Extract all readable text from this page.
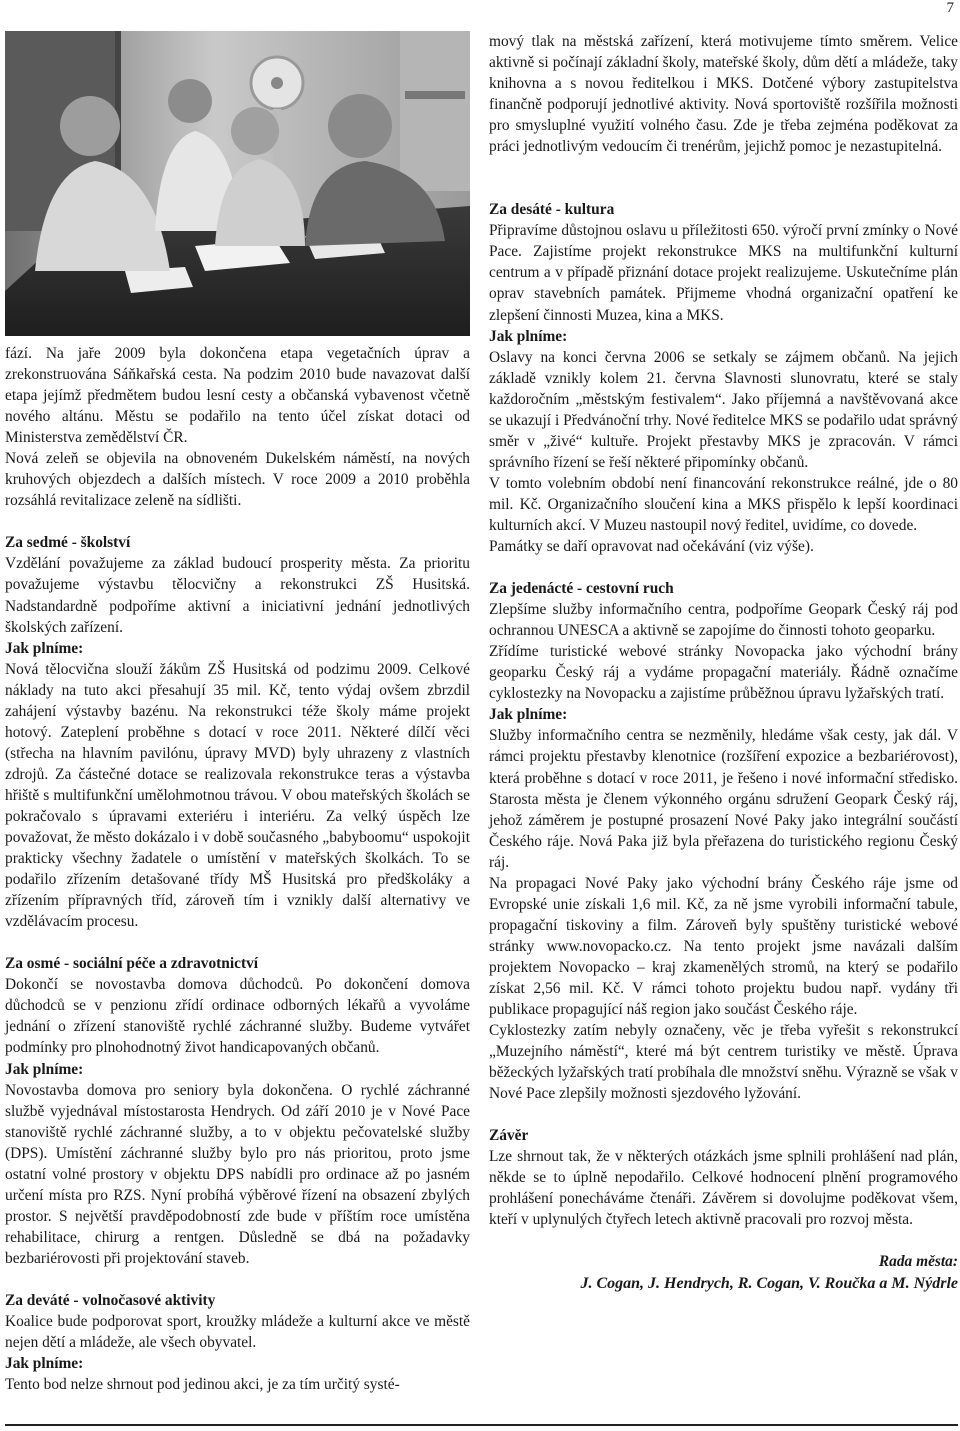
7

fází. Na jaře 2009 byla dokončena etapa vegetačních úprav a zrekonstruována Sáňkařská cesta. Na podzim 2010 bude navazovat další etapa jejímž předmětem budou lesní cesty a občanská vybavenost včetně nového altánu. Městu se podařilo na tento účel získat dotaci od Ministerstva zemědělství ČR.

Nová zeleň se objevila na obnoveném Dukelském náměstí, na nových kruhových objezdech a dalších místech. V roce 2009 a 2010 proběhla rozsáhlá revitalizace zeleně na sídlišti.

Za sedmé - školství

Vzdělání považujeme za základ budoucí prosperity města. Za prioritu považujeme výstavbu tělocvičny a rekonstrukci ZŠ Husitská. Nadstandardně podpoříme aktivní a iniciativní jednání jednotlivých školských zařízení.

Jak plníme:

Nová tělocvična slouží žákům ZŠ Husitská od podzimu 2009. Celkové náklady na tuto akci přesahují 35 mil. Kč, tento výdaj ovšem zbrzdil zahájení výstavby bazénu. Na rekonstrukci téže školy máme projekt hotový. Zateplení proběhne s dotací v roce 2011. Některé dílčí věci (střecha na hlavním pavilónu, úpravy MVD) byly uhrazeny z vlastních zdrojů. Za částečné dotace se realizovala rekonstrukce teras a výstavba hřiště s multifunkční umělohmotnou trávou. V obou mateřských školách se pokračovalo s úpravami exteriéru i interiéru. Za velký úspěch lze považovat, že město dokázalo i v době současného „babyboomu“ uspokojit prakticky všechny žadatele o umístění v mateřských školkách. To se podařilo zřízením detašované třídy MŠ Husitská pro předškoláky a zřízením přípravných tříd, zároveň tím i vznikly další alternativy ve vzdělávacím procesu.

Za osmé - sociální péče a zdravotnictví

Dokončí se novostavba domova důchodců. Po dokončení domova důchodců se v penzionu zřídí ordinace odborných lékařů a vyvoláme jednání o zřízení stanoviště rychlé záchranné služby. Budeme vytvářet podmínky pro plnohodnotný život handicapovaných občanů.

Jak plníme:

Novostavba domova pro seniory byla dokončena. O rychlé záchranné službě vyjednával místostarosta Hendrych. Od září 2010 je v Nové Pace stanoviště rychlé záchranné služby, a to v objektu pečovatelské služby (DPS). Umístění záchranné služby bylo pro nás prioritou, proto jsme ostatní volné prostory v objektu DPS nabídli pro ordinace až po jasném určení místa pro RZS. Nyní probíhá výběrové řízení na obsazení zbylých prostor. S největší pravděpodobností zde bude v příštím roce umístěna rehabilitace, chirurg a rentgen. Důsledně se dbá na požadavky bezbariérovosti při projektování staveb.

Za deváté - volnočasové aktivity

Koalice bude podporovat sport, kroužky mládeže a kulturní akce ve městě nejen dětí a mládeže, ale všech obyvatel.

Jak plníme:

Tento bod nelze shrnout pod jedinou akci, je za tím určitý systé-

mový tlak na městská zařízení, která motivujeme tímto směrem. Velice aktivně si počínají základní školy, mateřské školy, dům dětí a mládeže, taky knihovna a s novou ředitelkou i MKS. Dotčené výbory zastupitelstva finančně podporují jednotlivé aktivity. Nová sportoviště rozšířila možnosti pro smysluplné využití volného času. Zde je třeba zejména poděkovat za práci jednotlivým vedoucím či trenérům, jejichž pomoc je nezastupitelná.

Za desáté - kultura

Připravíme důstojnou oslavu u příležitosti 650. výročí první zmínky o Nové Pace. Zajistíme projekt rekonstrukce MKS na multifunkční kulturní centrum a v případě přiznání dotace projekt realizujeme. Uskutečníme plán oprav stavebních památek. Přijmeme vhodná organizační opatření ke zlepšení činnosti Muzea, kina a MKS.

Jak plníme:

Oslavy na konci června 2006 se setkaly se zájmem občanů. Na jejich základě vznikly kolem 21. června Slavnosti slunovratu, které se staly každoročním „městským festivalem“. Jako příjemná a navštěvovaná akce se ukazují i Předvánoční trhy. Nové ředitelce MKS se podařilo udat správný směr v „živé“ kultuře. Projekt přestavby MKS je zpracován. V rámci správního řízení se řeší některé připomínky občanů.

V tomto volebním období není financování rekonstrukce reálné, jde o 80 mil. Kč. Organizačního sloučení kina a MKS přispělo k lepší koordinaci kulturních akcí. V Muzeu nastoupil nový ředitel, uvidíme, co dovede.

Památky se daří opravovat nad očekávání (viz výše).

Za jedenácté - cestovní ruch

Zlepšíme služby informačního centra, podpoříme Geopark Český ráj pod ochrannou UNESCA a aktivně se zapojíme do činnosti tohoto geoparku.

Zřídíme turistické webové stránky Novopacka jako východní brány geoparku Český ráj a vydáme propagační materiály. Řádně označíme cyklostezky na Novopacku a zajistíme průběžnou úpravu lyžařských tratí.

Jak plníme:

Služby informačního centra se nezměnily, hledáme však cesty, jak dál. V rámci projektu přestavby klenotnice (rozšíření expozice a bezbariérovost), která proběhne s dotací v roce 2011, je řešeno i nové informační středisko. Starosta města je členem výkonného orgánu sdružení Geopark Český ráj, jehož záměrem je postupné prosazení Nové Paky jako integrální součástí Českého ráje. Nová Paka již byla přeřazena do turistického regionu Český ráj.

Na propagaci Nové Paky jako východní brány Českého ráje jsme od Evropské unie získali 1,6 mil. Kč, za ně jsme vyrobili informační tabule, propagační tiskoviny a film. Zároveň byly spuštěny turistické webové stránky www.novopacko.cz. Na tento projekt jsme navázali dalším projektem Novopacko – kraj zkamenělých stromů, na který se podařilo získat 2,56 mil. Kč. V rámci tohoto projektu budou např. vydány tři publikace propagující náš region jako součást Českého ráje.

Cyklostezky zatím nebyly označeny, věc je třeba vyřešit s rekonstrukcí „Muzejního náměstí“, které má být centrem turistiky ve městě. Úprava běžeckých lyžařských tratí probíhala dle množství sněhu. Výrazně se však v Nové Pace zlepšily možnosti sjezdového lyžování.

Závěr

Lze shrnout tak, že v některých otázkách jsme splnili prohlášení nad plán, někde se to úplně nepodařilo. Celkové hodnocení plnění programového prohlášení ponecháváme čtenáři. Závěrem si dovolujme poděkovat všem, kteří v uplynulých čtyřech letech aktivně pracovali pro rozvoj města.

Rada města:

J. Cogan, J. Hendrych, R. Cogan, V. Roučka a M. Nýdrle
